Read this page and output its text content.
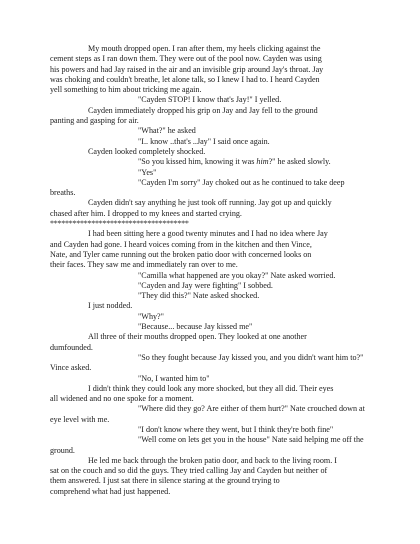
My mouth dropped open. I ran after them, my heels clicking against the
cement steps as I ran down them. They were out of the pool now. Cayden was using
his powers and had Jay raised in the air and an invisible grip around Jay's throat. Jay
was choking and couldn't breathe, let alone talk, so I knew I had to. I heard Cayden
yell something to him about tricking me again.
"Cayden STOP! I know that's Jay!" I yelled.
Cayden immediately dropped his grip on Jay and Jay fell to the ground
panting and gasping for air.
"What?" he asked
"I.. know ..that's ..Jay" I said once again.
Cayden looked completely shocked.
"So you kissed him, knowing it was him?" he asked slowly.
"Yes"
"Cayden I'm sorry" Jay choked out as he continued to take deep
breaths.
Cayden didn't say anything he just took off running. Jay got up and quickly
chased after him. I dropped to my knees and started crying.
*************************************
I had been sitting here a good twenty minutes and I had no idea where Jay
and Cayden had gone. I heard voices coming from in the kitchen and then Vince,
Nate, and Tyler came running out the broken patio door with concerned looks on
their faces. They saw me and immediately ran over to me.
"Camilla what happened are you okay?" Nate asked worried.
"Cayden and Jay were fighting" I sobbed.
"They did this?" Nate asked shocked.
I just nodded.
"Why?"
"Because... because Jay kissed me"
All three of their mouths dropped open. They looked at one another
dumfounded.
"So they fought because Jay kissed you, and you didn't want him to?"
Vince asked.
"No, I wanted him to"
I didn't think they could look any more shocked, but they all did. Their eyes
all widened and no one spoke for a moment.
"Where did they go? Are either of them hurt?" Nate crouched down at
eye level with me.
"I don't know where they went, but I think they're both fine"
"Well come on lets get you in the house" Nate said helping me off the
ground.
He led me back through the broken patio door, and back to the living room. I
sat on the couch and so did the guys. They tried calling Jay and Cayden but neither of
them answered. I just sat there in silence staring at the ground trying to
comprehend what had just happened.
